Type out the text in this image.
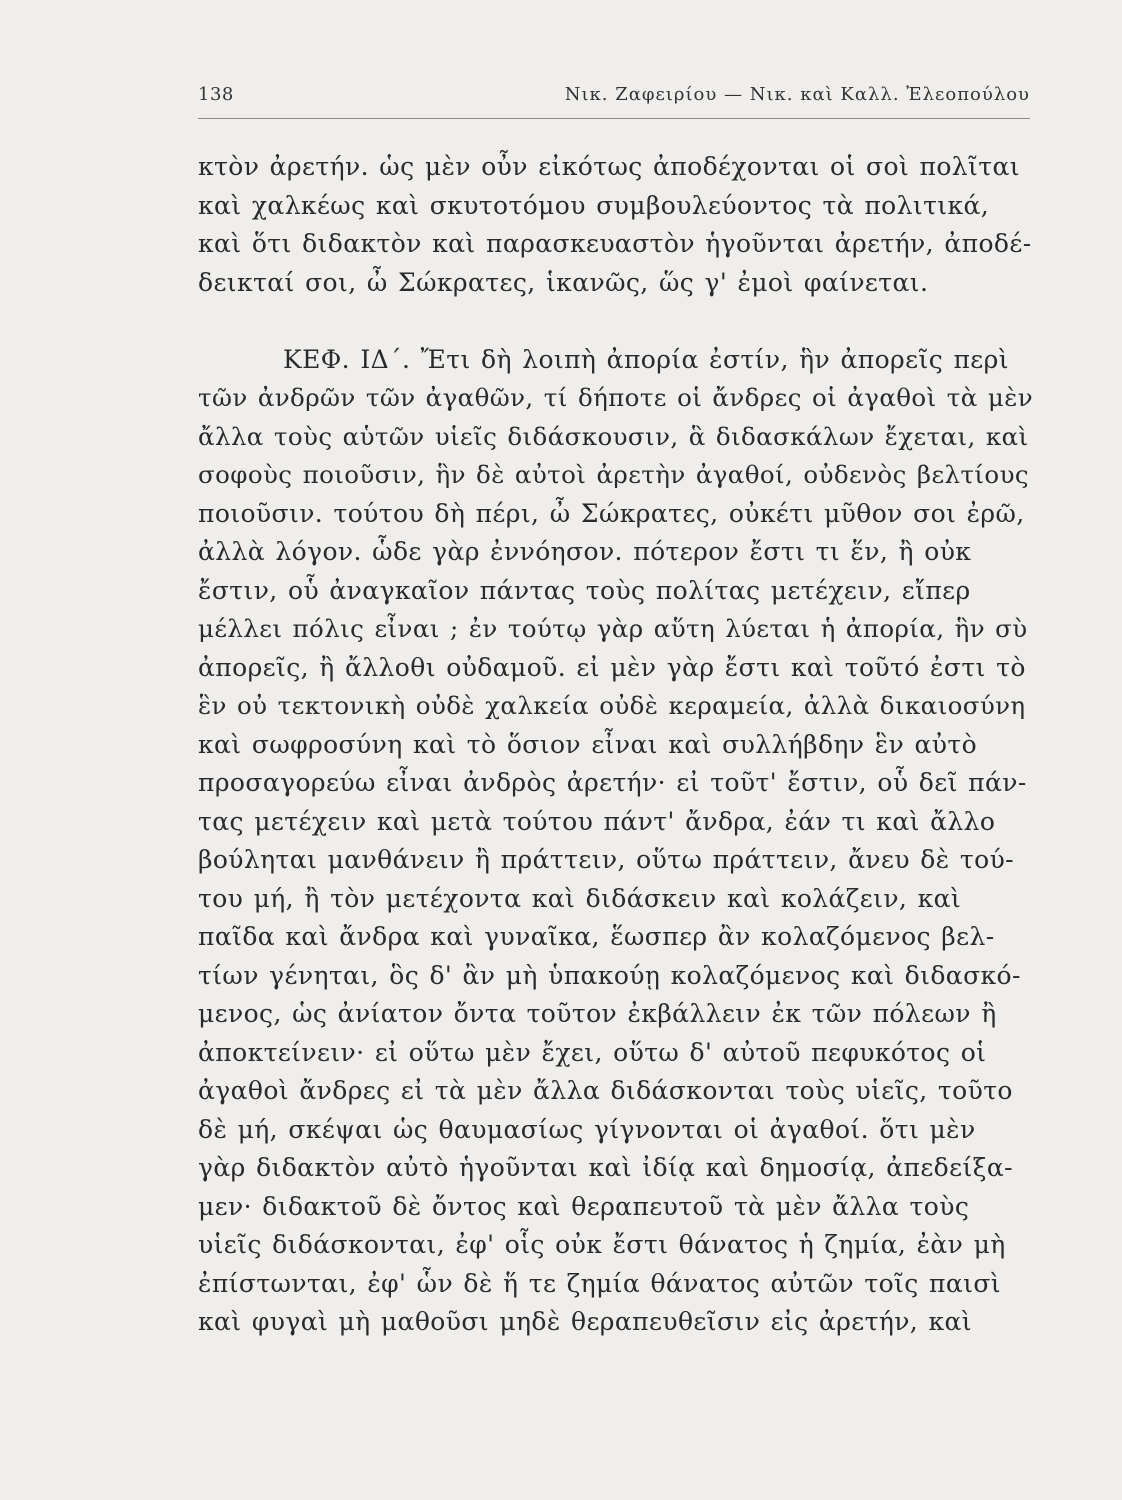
138	Νικ. Ζαφειρίου — Νικ. καὶ Καλλ. Ἐλεοπούλου
κτὸν ἀρετήν. ὡς μὲν οὖν εἰκότως ἀποδέχονται οἱ σοὶ πολῖται
καὶ χαλκέως καὶ σκυτοτόμου συμβουλεύοντος τὰ πολιτικά,
καὶ ὅτι διδακτὸν καὶ παρασκευαστὸν ἡγοῦνται ἀρετήν, ἀποδέ-
δεικταί σοι, ὦ Σώκρατες, ἱκανῶς, ὥς γ' ἐμοὶ φαίνεται.
ΚΕΦ. ΙΔ΄. Ἔτι δὴ λοιπὴ ἀπορία ἐστίν, ἣν ἀπορεῖς περὶ
τῶν ἀνδρῶν τῶν ἀγαθῶν, τί δήποτε οἱ ἄνδρες οἱ ἀγαθοὶ τὰ μὲν
ἄλλα τοὺς αὑτῶν υἱεῖς διδάσκουσιν, ἃ διδασκάλων ἔχεται, καὶ
σοφοὺς ποιοῦσιν, ἣν δὲ αὐτοὶ ἀρετὴν ἀγαθοί, οὐδενὸς βελτίους
ποιοῦσιν. τούτου δὴ πέρι, ὦ Σώκρατες, οὐκέτι μῦθον σοι ἐρῶ,
ἀλλὰ λόγον. ὧδε γὰρ ἐννόησον. πότερον ἔστι τι ἕν, ἢ οὐκ
ἔστιν, οὗ ἀναγκαῖον πάντας τοὺς πολίτας μετέχειν, εἴπερ
μέλλει πόλις εἶναι ; ἐν τούτῳ γὰρ αὕτη λύεται ἡ ἀπορία, ἣν σὺ
ἀπορεῖς, ἢ ἄλλοθι οὐδαμοῦ. εἰ μὲν γὰρ ἔστι καὶ τοῦτό ἐστι τὸ
ἓν οὐ τεκτονικὴ οὐδὲ χαλκεία οὐδὲ κεραμεία, ἀλλὰ δικαιοσύνη
καὶ σωφροσύνη καὶ τὸ ὅσιον εἶναι καὶ συλλήβδην ἓν αὐτὸ
προσαγορεύω εἶναι ἀνδρὸς ἀρετήν· εἰ τοῦτ' ἔστιν, οὗ δεῖ πάν-
τας μετέχειν καὶ μετὰ τούτου πάντ' ἄνδρα, ἐάν τι καὶ ἄλλο
βούληται μανθάνειν ἢ πράττειν, οὕτω πράττειν, ἄνευ δὲ τού-
του μή, ἢ τὸν μετέχοντα καὶ διδάσκειν καὶ κολάζειν, καὶ
παῖδα καὶ ἄνδρα καὶ γυναῖκα, ἕωσπερ ἂν κολαζόμενος βελ-
τίων γένηται, ὃς δ' ἂν μὴ ὑπακούῃ κολαζόμενος καὶ διδασκό-
μενος, ὡς ἀνίατον ὄντα τοῦτον ἐκβάλλειν ἐκ τῶν πόλεων ἢ
ἀποκτείνειν· εἰ οὕτω μὲν ἔχει, οὕτω δ' αὐτοῦ πεφυκότος οἱ
ἀγαθοὶ ἄνδρες εἰ τὰ μὲν ἄλλα διδάσκονται τοὺς υἱεῖς, τοῦτο
δὲ μή, σκέψαι ὡς θαυμασίως γίγνονται οἱ ἀγαθοί. ὅτι μὲν
γὰρ διδακτὸν αὐτὸ ἡγοῦνται καὶ ἰδίᾳ καὶ δημοσίᾳ, ἀπεδείξα-
μεν· διδακτοῦ δὲ ὄντος καὶ θεραπευτοῦ τὰ μὲν ἄλλα τοὺς
υἱεῖς διδάσκονται, ἐφ' οἷς οὐκ ἔστι θάνατος ἡ ζημία, ἐὰν μὴ
ἐπίστωνται, ἐφ' ὧν δὲ ἥ τε ζημία θάνατος αὐτῶν τοῖς παισὶ
καὶ φυγαὶ μὴ μαθοῦσι μηδὲ θεραπευθεῖσιν εἰς ἀρετήν, καὶ
